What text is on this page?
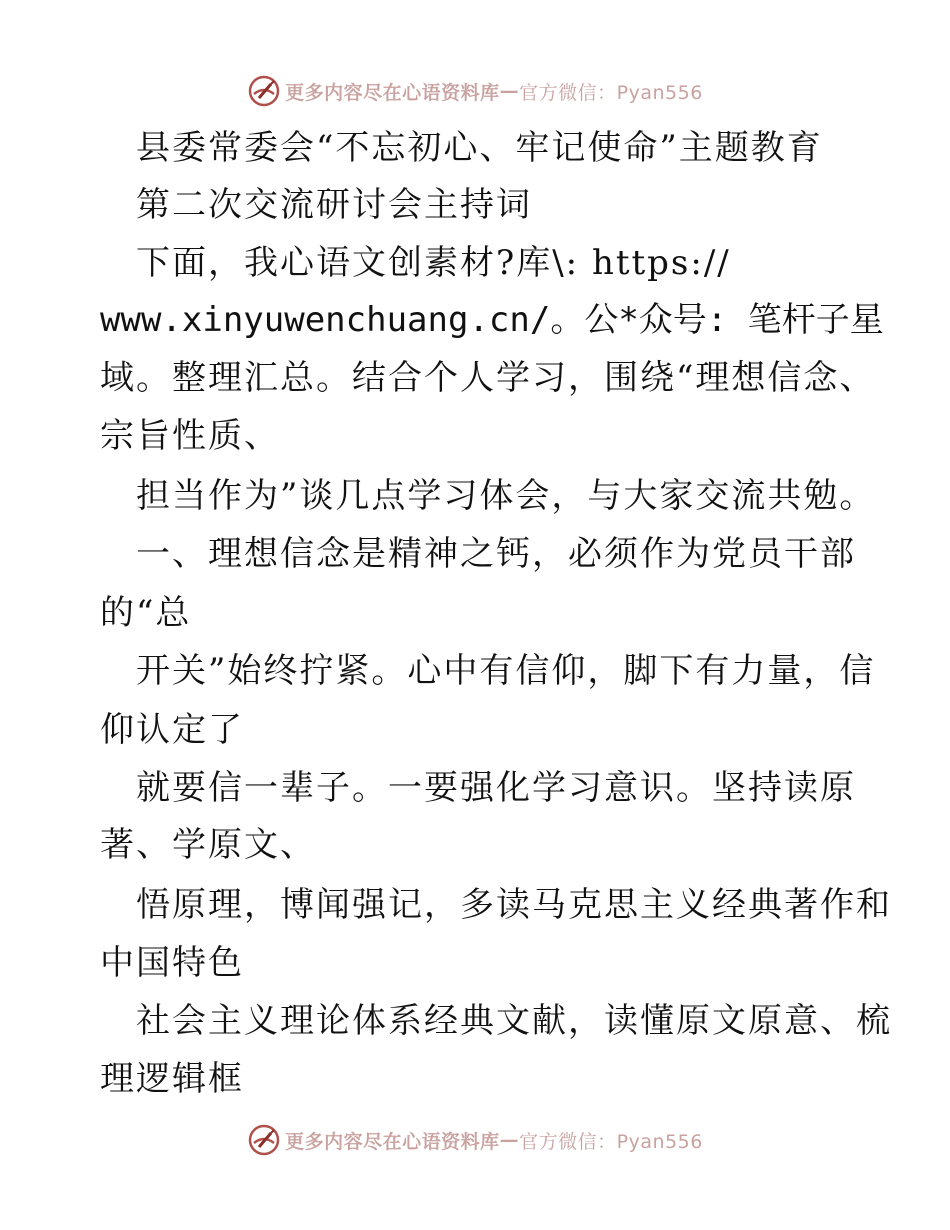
更多内容尽在心语资料库 — 官方微信：Pyan556
县委常委会“不忘初心、牢记使命”主题教育
第二次交流研讨会主持词
下面，我心语文创素材?库\: https://
www.xinyuwenchuang.cn/。公*众号: 笔杆子星
域。整理汇总。结合个人学习，围绕“理想信念、
宗旨性质、
担当作为”谈几点学习体会，与大家交流共勉。
一、理想信念是精神之钙，必须作为党员干部
的“总
开关”始终拧紧。心中有信仰，脚下有力量，信
仰认定了
就要信一辈子。一要强化学习意识。坚持读原
著、学原文、
悟原理，博闻强记，多读马克思主义经典著作和
中国特色
社会主义理论体系经典文献，读懂原文原意、梳
理逻辑框
更多内容尽在心语资料库 — 官方微信：Pyan556
